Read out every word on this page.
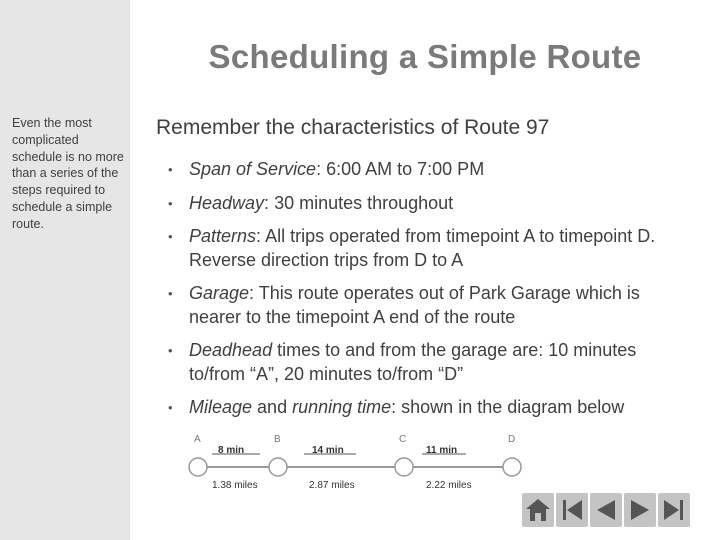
Even the most complicated schedule is no more than a series of the steps required to schedule a simple route.
Scheduling a Simple Route
Remember the characteristics of Route 97
• Span of Service: 6:00 AM to 7:00 PM
• Headway: 30 minutes throughout
• Patterns: All trips operated from timepoint A to timepoint D. Reverse direction trips from D to A
• Garage: This route operates out of Park Garage which is nearer to the timepoint A end of the route
• Deadhead times to and from the garage are: 10 minutes to/from “A”, 20 minutes to/from “D”
• Mileage and running time: shown in the diagram below
A	B	C	D
8 min	14 min	11 min
1.38 miles	2.87 miles	2.22 miles
